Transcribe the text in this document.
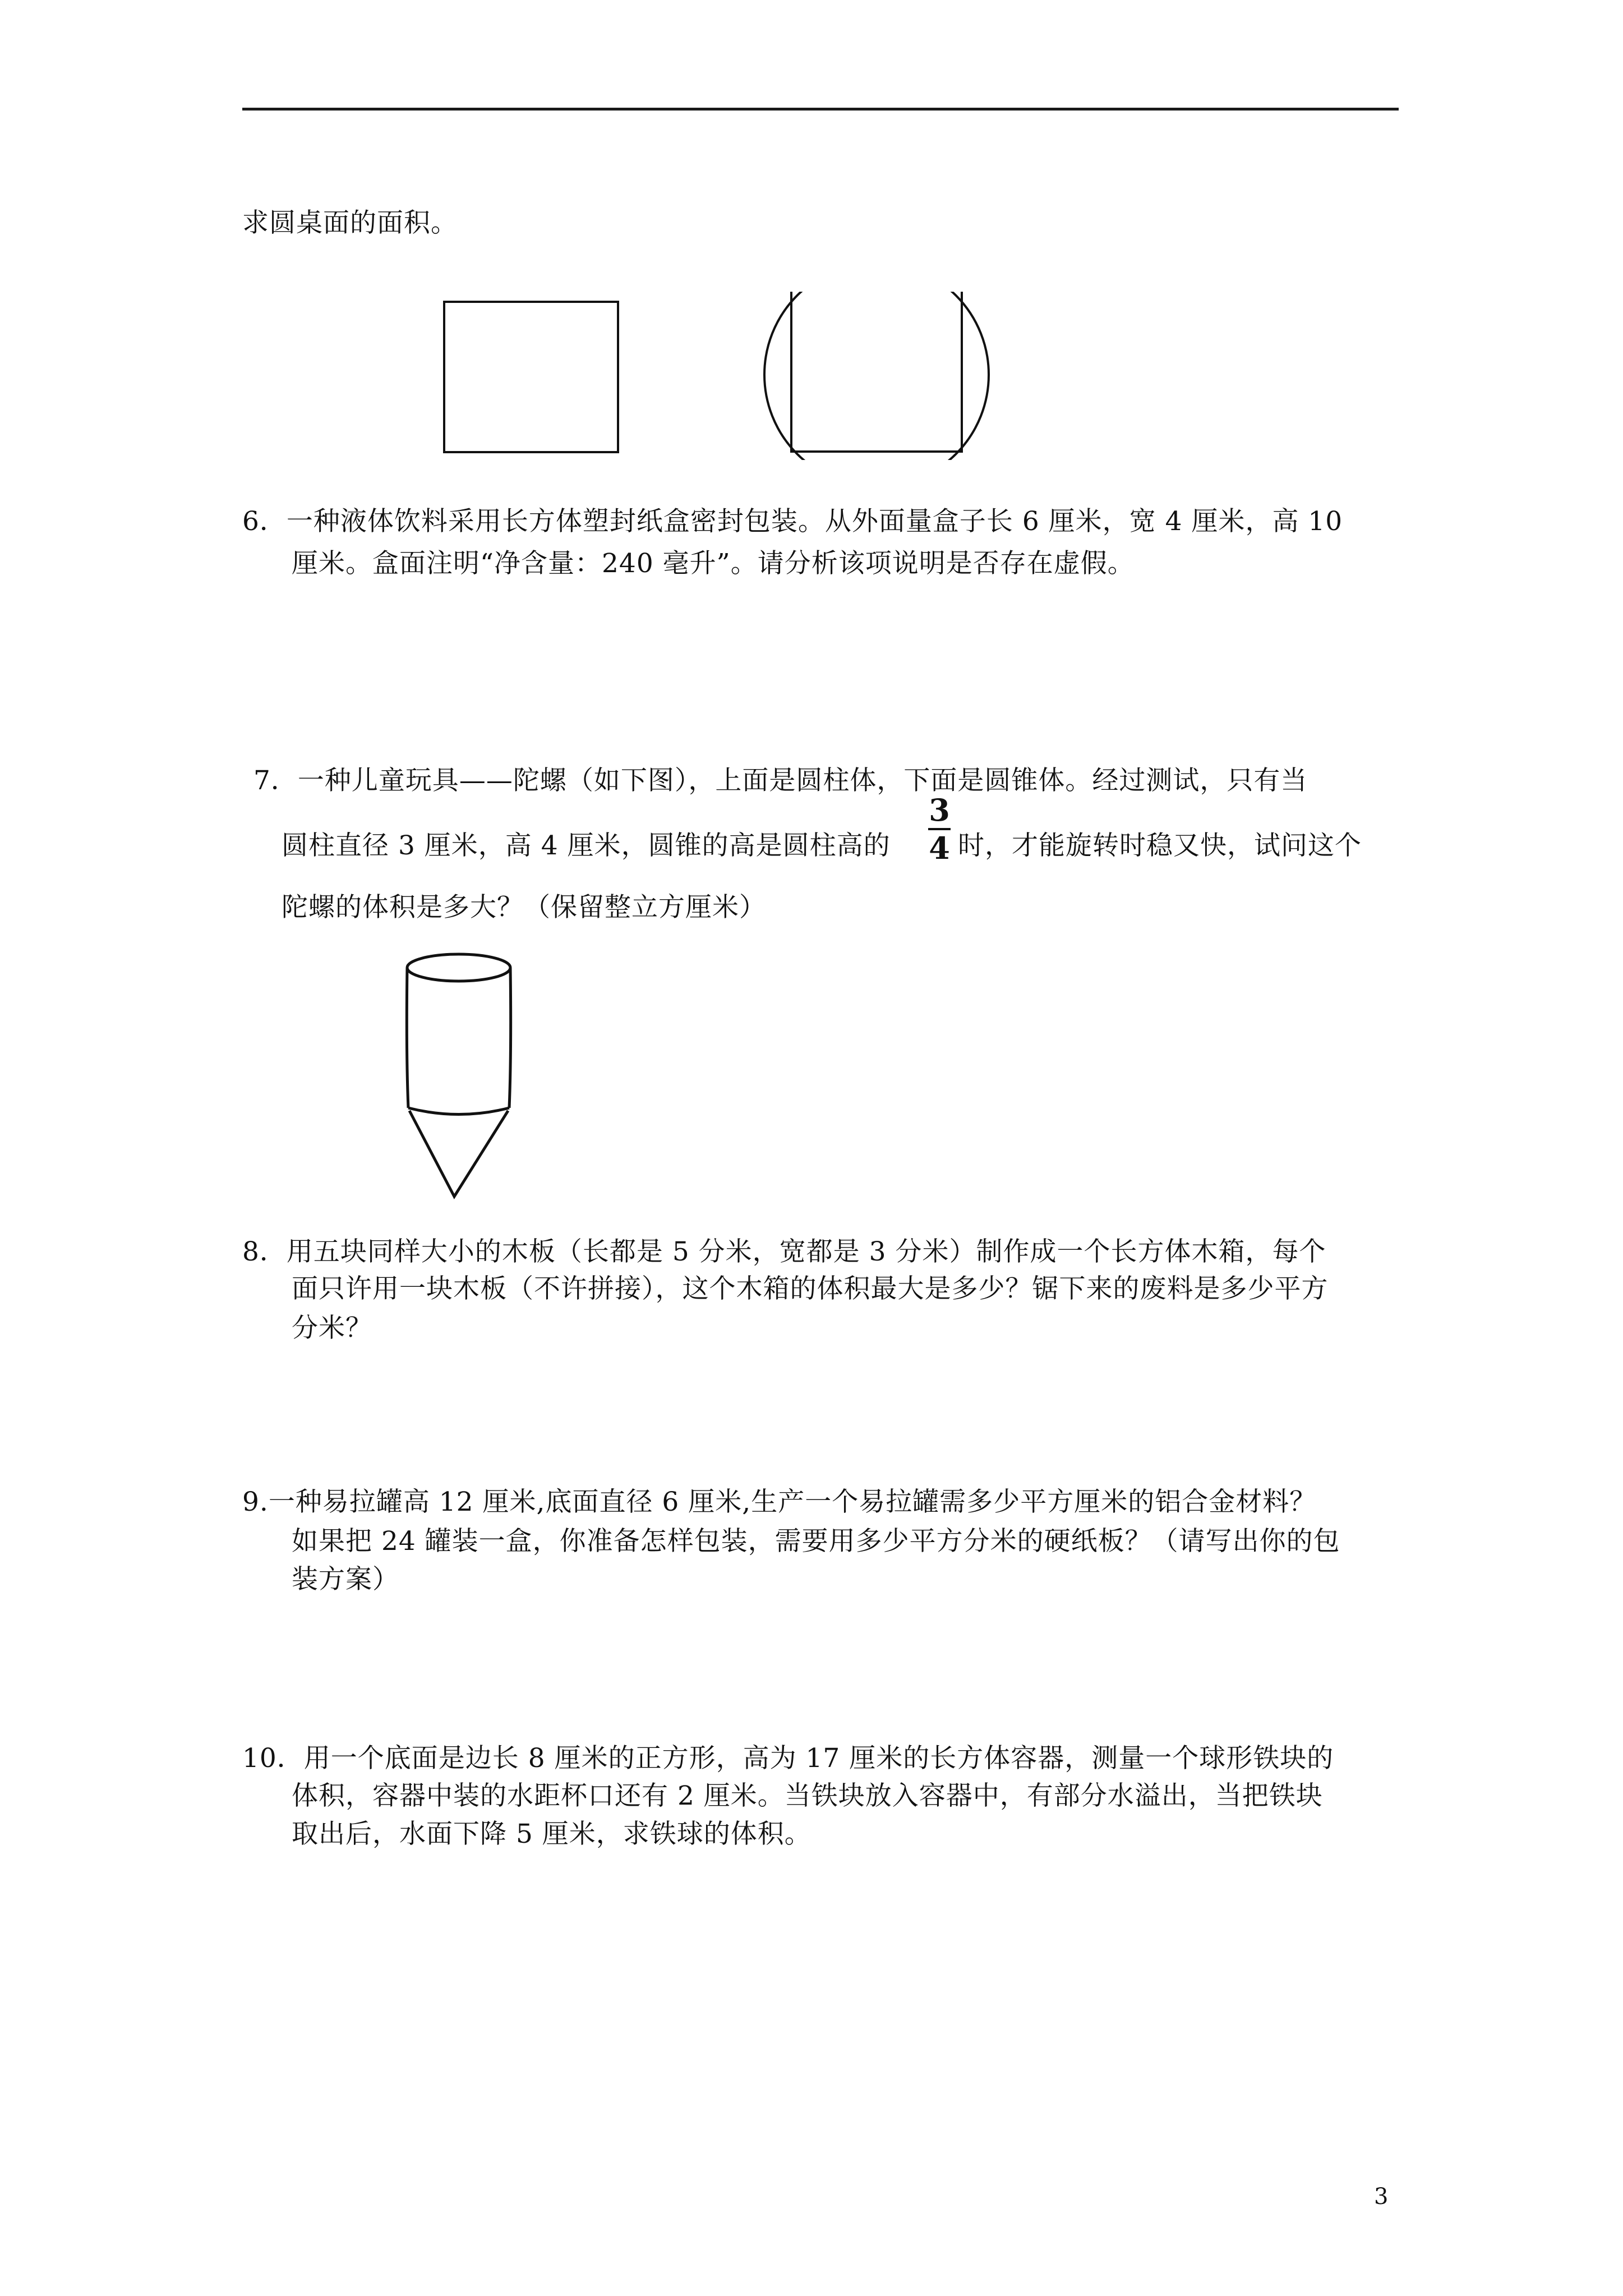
求圆桌面的面积。
6．一种液体饮料采用长方体塑封纸盒密封包装。从外面量盒子长 6 厘米，宽 4 厘米，高 10
厘米。盒面注明“净含量：240 毫升”。请分析该项说明是否存在虚假。
7．一种儿童玩具——陀螺（如下图），上面是圆柱体，下面是圆锥体。经过测试，只有当
圆柱直径 3 厘米，高 4 厘米，圆锥的高是圆柱高的
3
4 时，才能旋转时稳又快，试问这个
陀螺的体积是多大？（保留整立方厘米）
8．用五块同样大小的木板（长都是 5 分米，宽都是 3 分米）制作成一个长方体木箱，每个
面只许用一块木板（不许拼接），这个木箱的体积最大是多少？锯下来的废料是多少平方
分米？
9.一种易拉罐高 12 厘米,底面直径 6 厘米,生产一个易拉罐需多少平方厘米的铝合金材料？
如果把 24 罐装一盒，你准备怎样包装，需要用多少平方分米的硬纸板？（请写出你的包
装方案）
10．用一个底面是边长 8 厘米的正方形，高为 17 厘米的长方体容器，测量一个球形铁块的
体积，容器中装的水距杯口还有 2 厘米。当铁块放入容器中，有部分水溢出，当把铁块
取出后，水面下降 5 厘米，求铁球的体积。
3
